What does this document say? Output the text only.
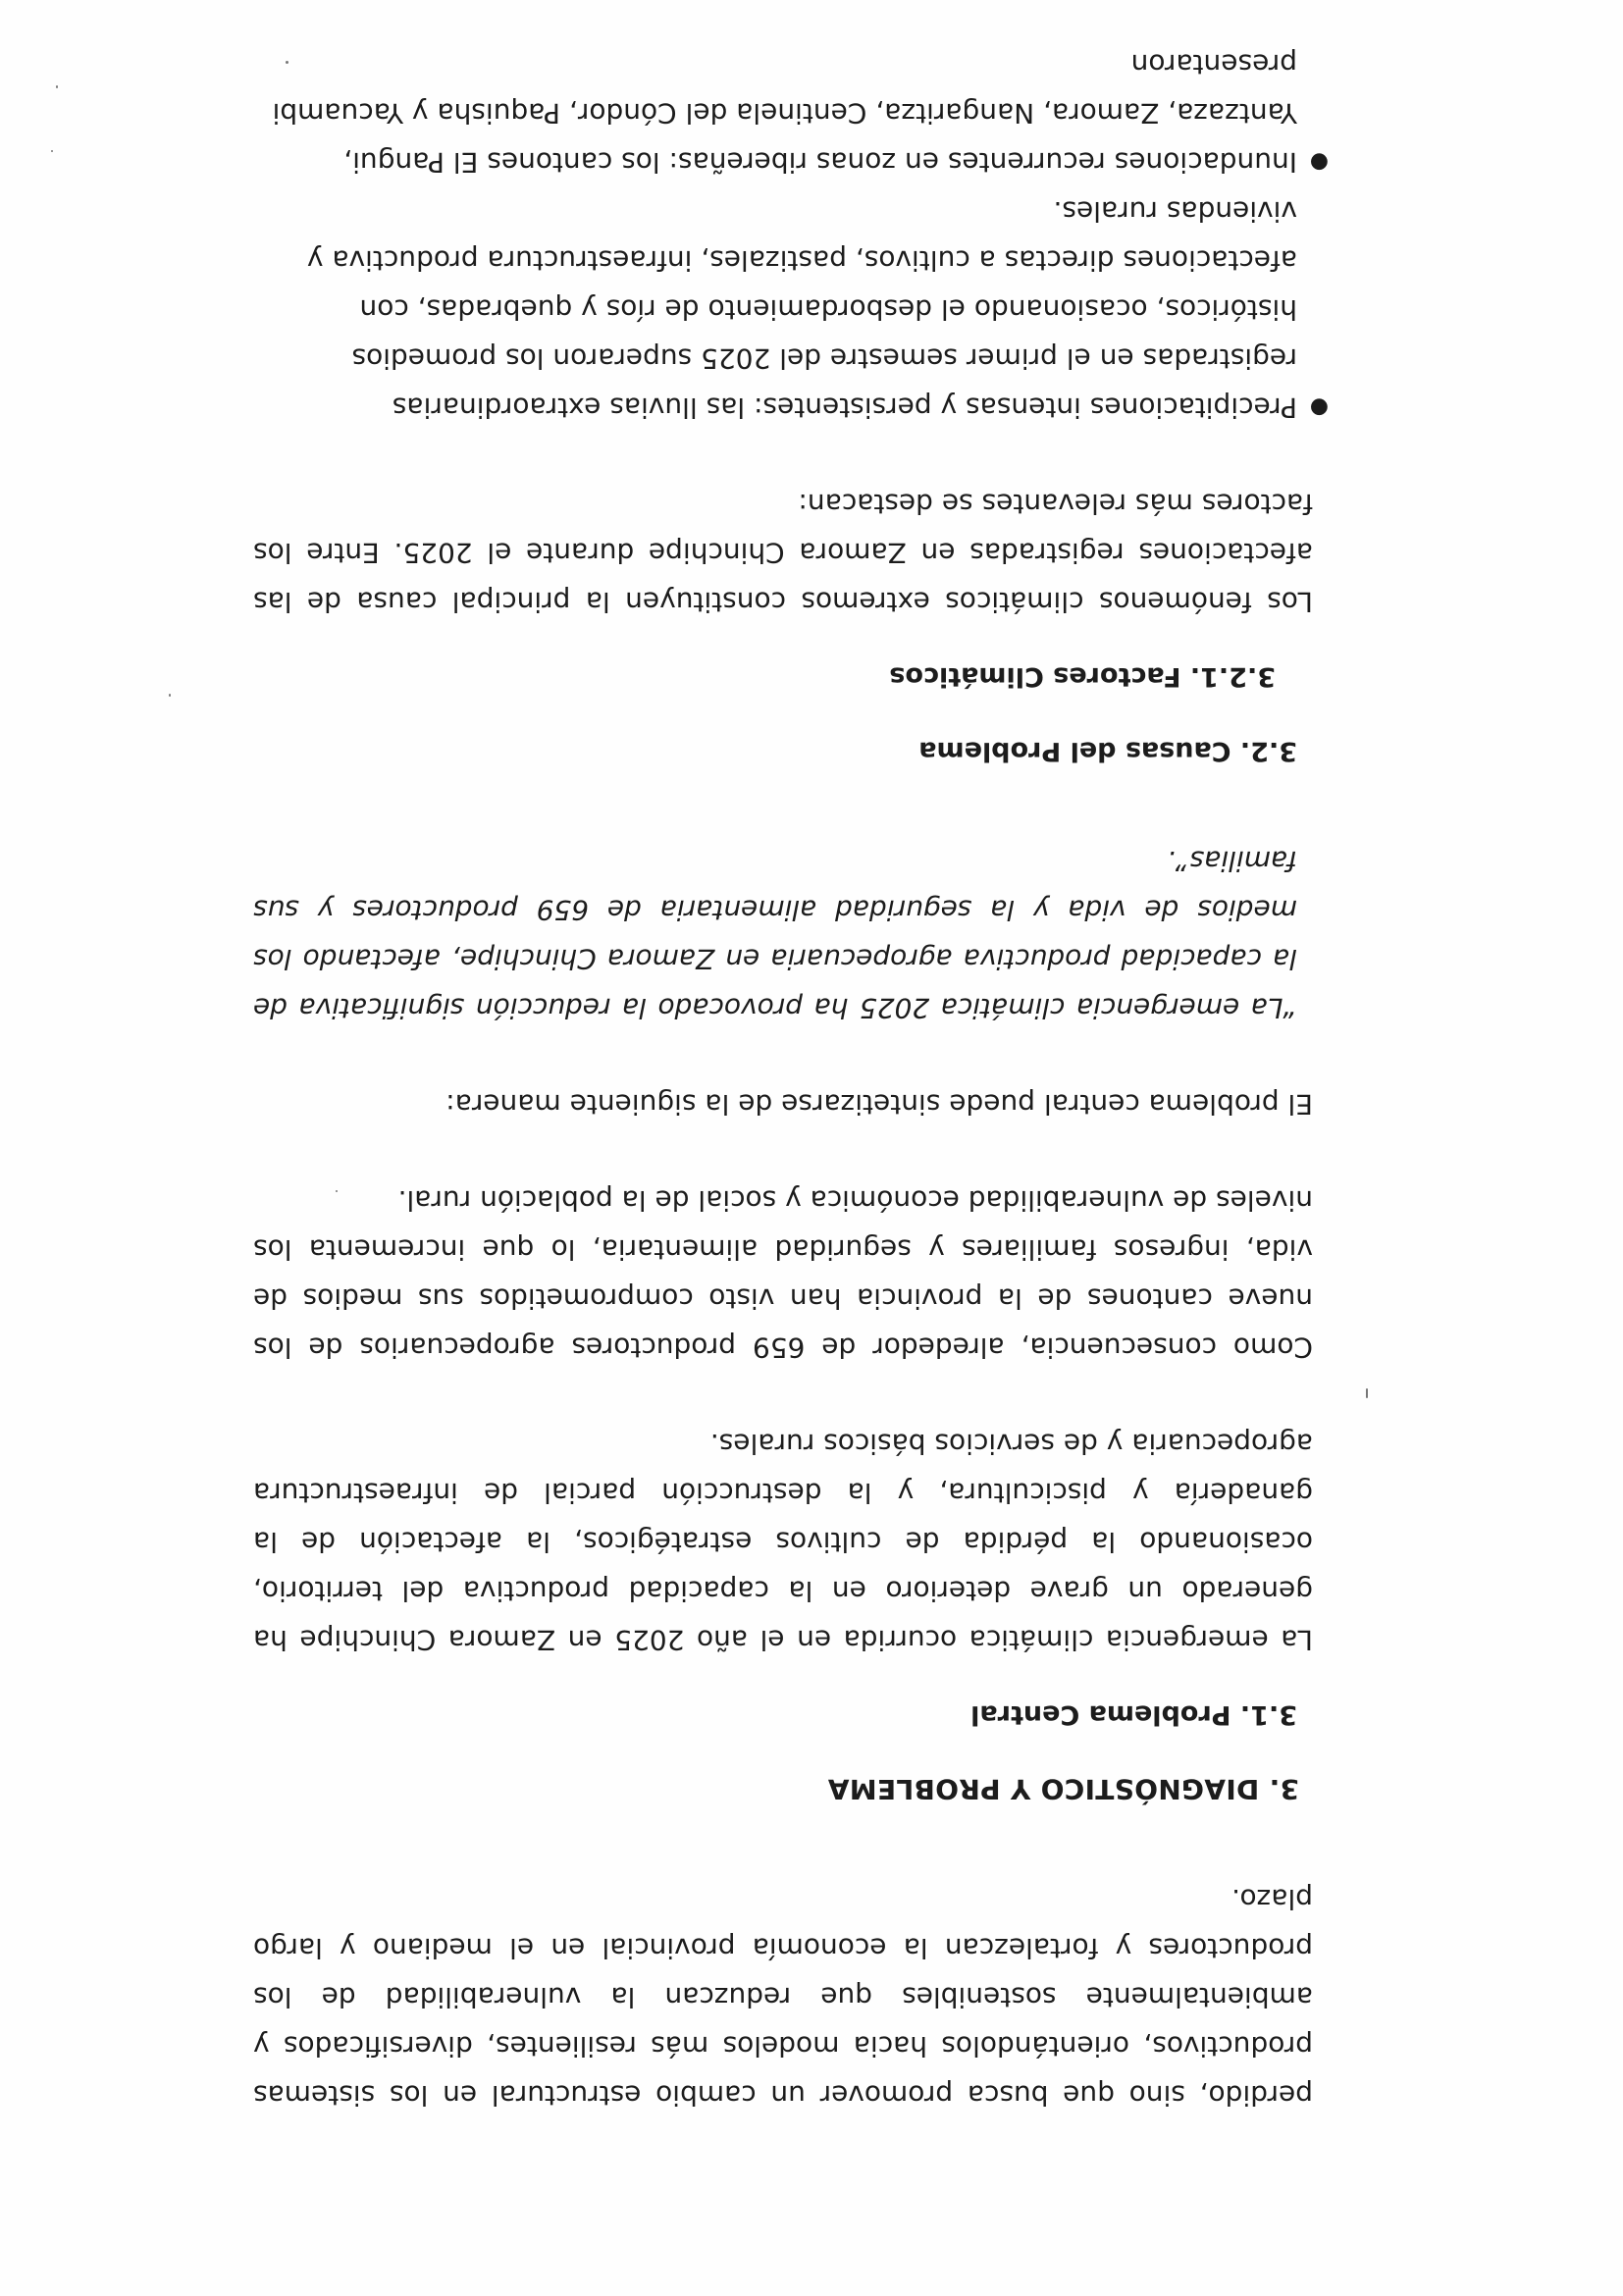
perdido, sino que busca promover un cambio estructural en los sistemas productivos, orientándolos hacia modelos más resilientes, diversificados y ambientalmente sostenibles que reduzcan la vulnerabilidad de los productores y fortalezcan la economía provincial en el mediano y largo plazo.

3. DIAGNÓSTICO Y PROBLEMA
3.1. Problema Central

La emergencia climática ocurrida en el año 2025 en Zamora Chinchipe ha generado un grave deterioro en la capacidad productiva del territorio, ocasionando la pérdida de cultivos estratégicos, la afectación de la ganadería y piscicultura, y la destrucción parcial de infraestructura agropecuaria y de servicios básicos rurales.

Como consecuencia, alrededor de 659 productores agropecuarios de los nueve cantones de la provincia han visto comprometidos sus medios de vida, ingresos familiares y seguridad alimentaria, lo que incrementa los niveles de vulnerabilidad económica y social de la población rural.

El problema central puede sintetizarse de la siguiente manera:

“La emergencia climática 2025 ha provocado la reducción significativa de la capacidad productiva agropecuaria en Zamora Chinchipe, afectando los medios de vida y la seguridad alimentaria de 659 productores y sus familias”.

3.2. Causas del Problema
3.2.1. Factores Climáticos

Los fenómenos climáticos extremos constituyen la principal causa de las afectaciones registradas en Zamora Chinchipe durante el 2025. Entre los factores más relevantes se destacan:

●
Precipitaciones intensas y persistentes: las lluvias extraordinarias registradas en el primer semestre del 2025 superaron los promedios históricos, ocasionando el desbordamiento de ríos y quebradas, con afectaciones directas a cultivos, pastizales, infraestructura productiva y viviendas rurales.
●
Inundaciones recurrentes en zonas ribereñas: los cantones El Pangui, Yantzaza, Zamora, Nangaritza, Centinela del Cóndor, Paquisha y Yacuambi presentaron
